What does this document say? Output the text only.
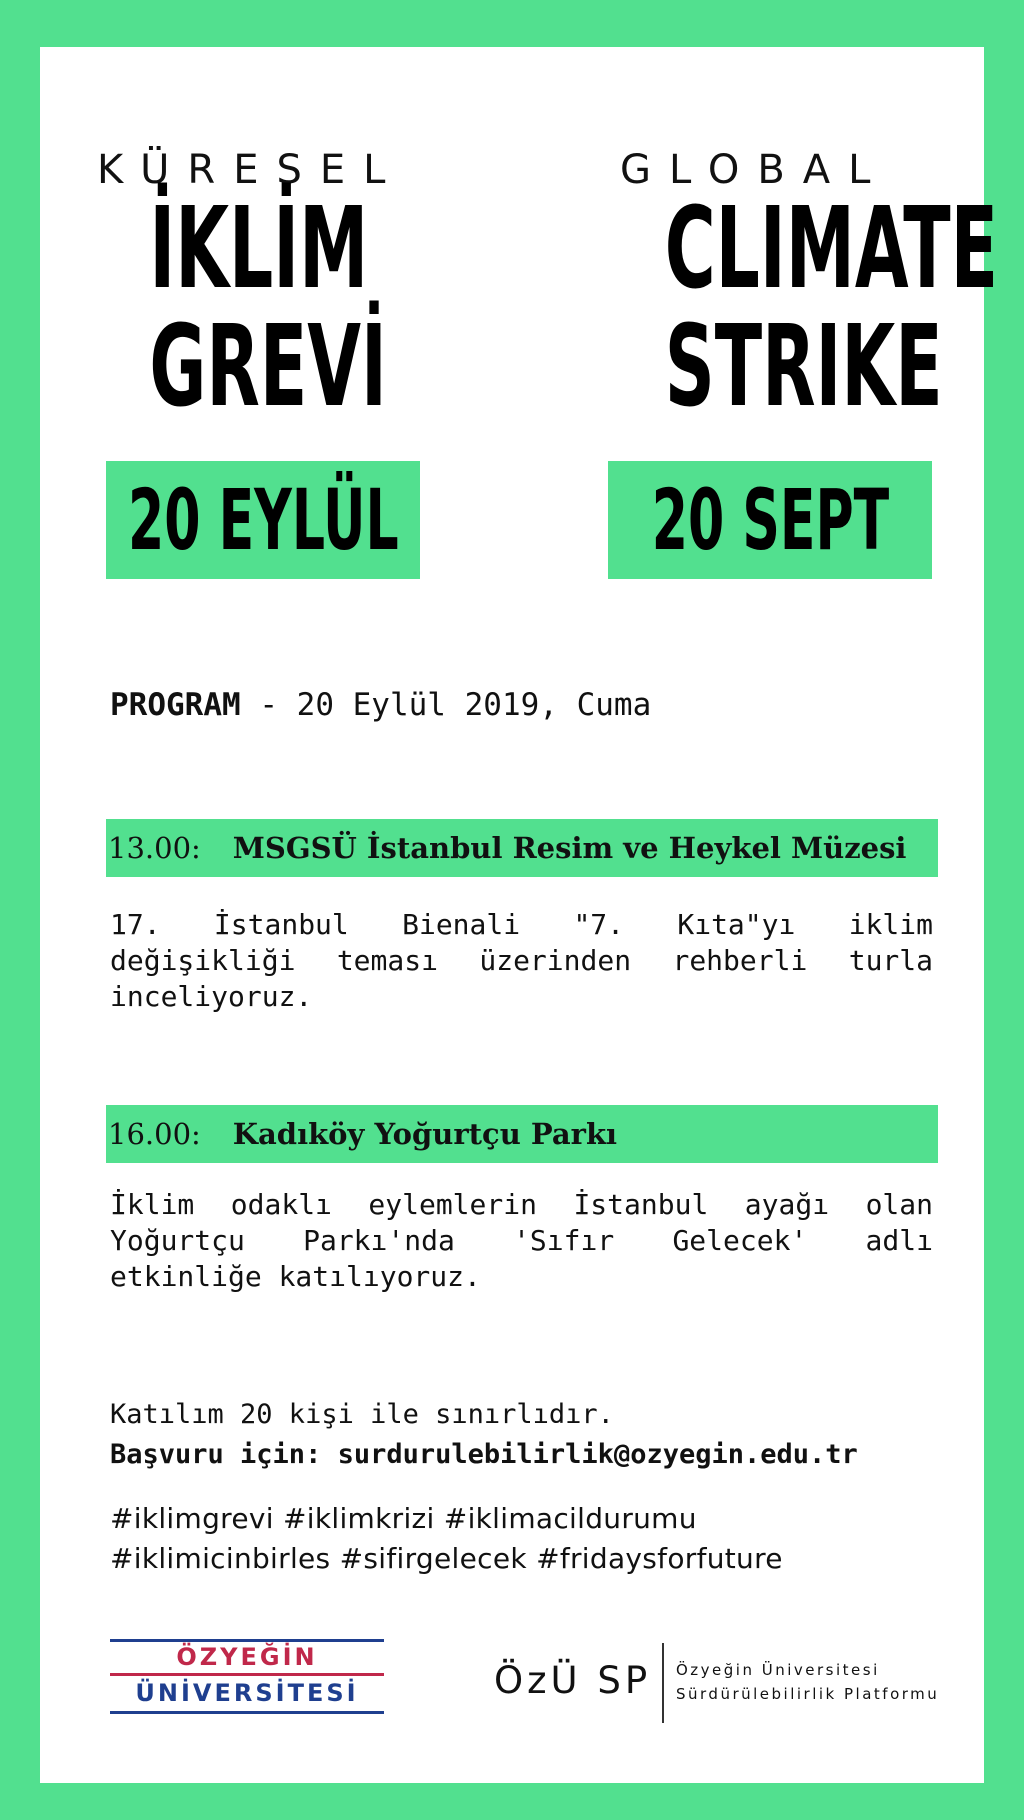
KÜRESEL
İKLİM
GREVİ
20 EYLÜL
GLOBAL
CLIMATE
STRIKE
20 SEPT
PROGRAM - 20 Eylül 2019, Cuma
13.00: MSGSÜ İstanbul Resim ve Heykel Müzesi
17. İstanbul Bienali "7. Kıta"yı iklim değişikliği teması üzerinden rehberli turla inceliyoruz.
16.00: Kadıköy Yoğurtçu Parkı
İklim odaklı eylemlerin İstanbul ayağı olan Yoğurtçu Parkı'nda 'Sıfır Gelecek' adlı etkinliğe katılıyoruz.
Katılım 20 kişi ile sınırlıdır.
Başvuru için: surdurulebilirlik@ozyegin.edu.tr
#iklimgrevi #iklimkrizi #iklimacildurumu
#iklimicinbirles #sifirgelecek #fridaysforfuture
ÖZYEĞİN
ÜNİVERSİTESİ	ÖzÜ SP Özyeğin Üniversitesi
Sürdürülebilirlik Platformu
